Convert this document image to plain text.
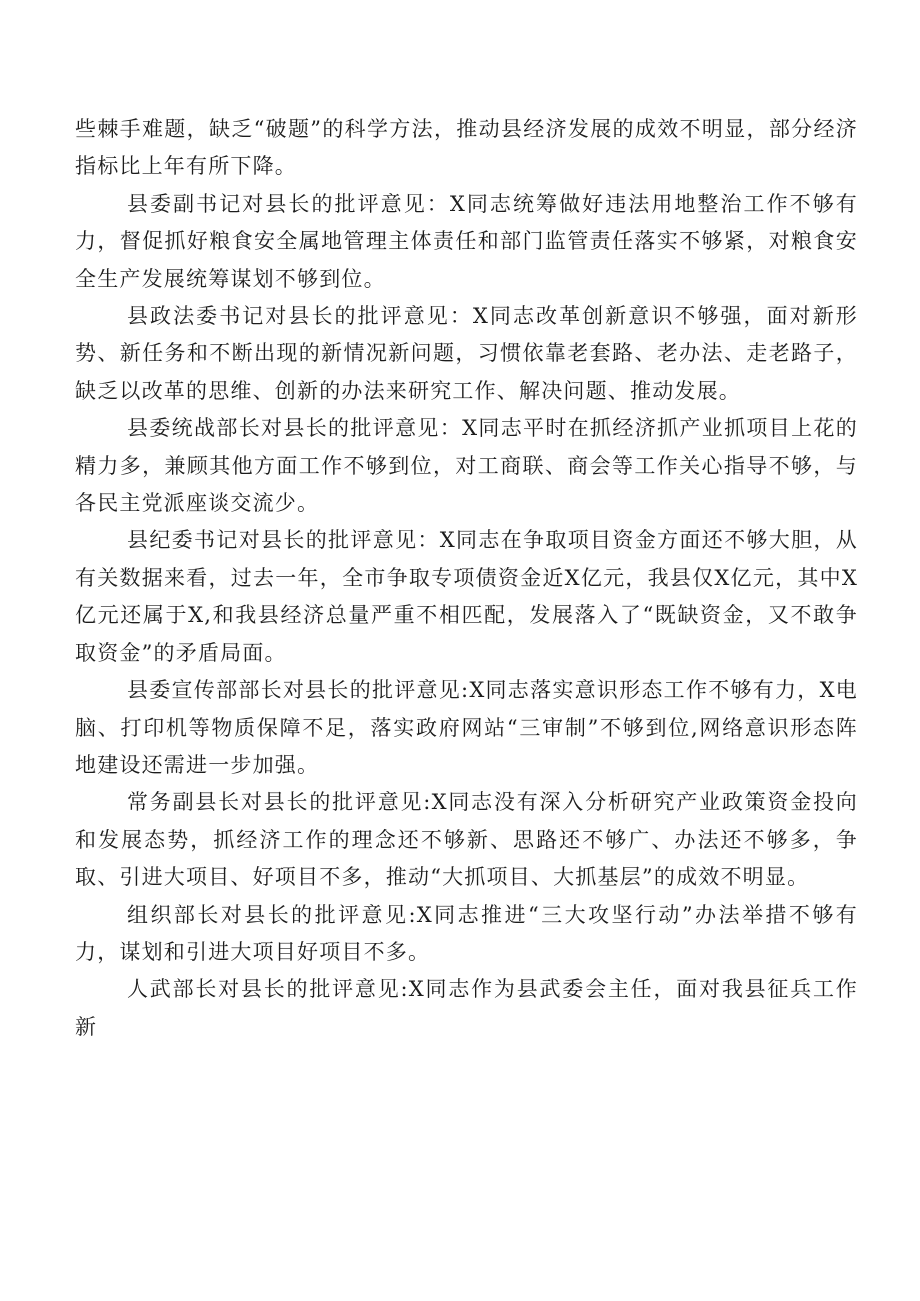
些棘手难题，缺乏“破题”的科学方法，推动县经济发展的成效不明显，部分经济指标比上年有所下降。

县委副书记对县长的批评意见：X同志统筹做好违法用地整治工作不够有力，督促抓好粮食安全属地管理主体责任和部门监管责任落实不够紧，对粮食安全生产发展统筹谋划不够到位。

县政法委书记对县长的批评意见：X同志改革创新意识不够强，面对新形势、新任务和不断出现的新情况新问题，习惯依靠老套路、老办法、走老路子，缺乏以改革的思维、创新的办法来研究工作、解决问题、推动发展。

县委统战部长对县长的批评意见：X同志平时在抓经济抓产业抓项目上花的精力多，兼顾其他方面工作不够到位，对工商联、商会等工作关心指导不够，与各民主党派座谈交流少。

县纪委书记对县长的批评意见：X同志在争取项目资金方面还不够大胆，从有关数据来看，过去一年，全市争取专项债资金近X亿元，我县仅X亿元，其中X亿元还属于X,和我县经济总量严重不相匹配，发展落入了“既缺资金，又不敢争取资金”的矛盾局面。

县委宣传部部长对县长的批评意见:X同志落实意识形态工作不够有力，X电脑、打印机等物质保障不足，落实政府网站“三审制”不够到位,网络意识形态阵地建设还需进一步加强。

常务副县长对县长的批评意见:X同志没有深入分析研究产业政策资金投向和发展态势，抓经济工作的理念还不够新、思路还不够广、办法还不够多，争取、引进大项目、好项目不多，推动“大抓项目、大抓基层”的成效不明显。

组织部长对县长的批评意见:X同志推进“三大攻坚行动”办法举措不够有力，谋划和引进大项目好项目不多。

人武部长对县长的批评意见:X同志作为县武委会主任，面对我县征兵工作新
